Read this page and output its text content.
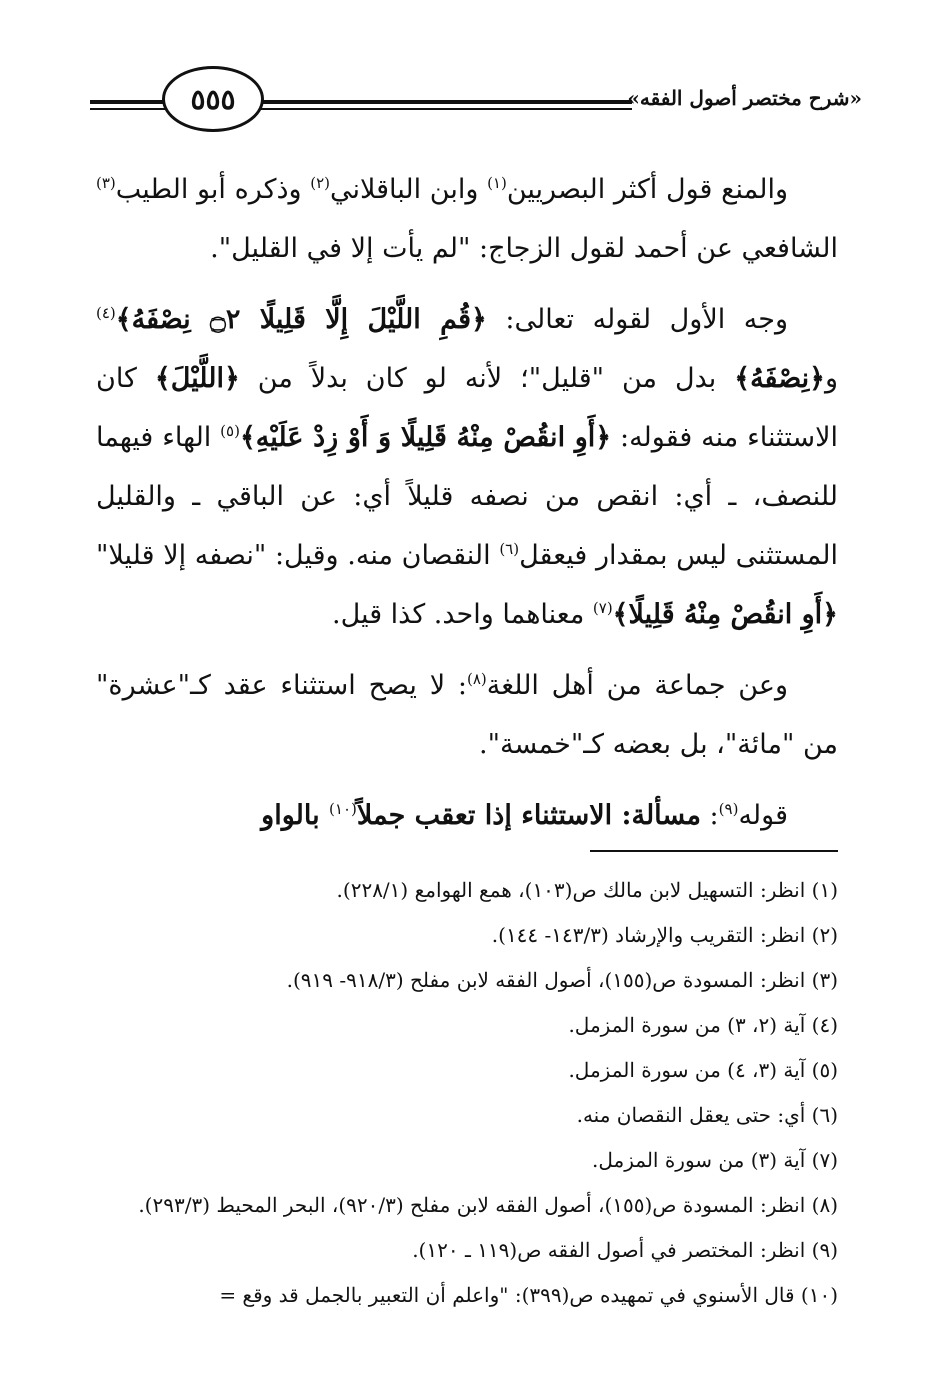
«شرح مختصر أصول الفقه»
٥٥٥

والمنع قول أكثر البصريين$^{(١)}$ وابن الباقلاني$^{(٢)}$ وذكره أبو الطيب$^{(٣)}$ الشافعي عن أحمد لقول الزجاج: "لم يأت إلا في القليل".

وجه الأول لقوله تعالى: ﴿قُمِ اللَّيْلَ إِلَّا قَلِيلًا ۝٢ نِصْفَهُ﴾$^{(٤)}$ و﴿نِصْفَهُ﴾ بدل من "قليل"؛ لأنه لو كان بدلاً من ﴿اللَّيْلَ﴾ كان الاستثناء منه فقوله: ﴿أَوِ انقُصْ مِنْهُ قَلِيلًا وَ أَوْ زِدْ عَلَيْهِ﴾$^{(٥)}$ الهاء فيهما للنصف، ـ أي: انقص من نصفه قليلاً أي: عن الباقي ـ والقليل المستثنى ليس بمقدار فيعقل$^{(٦)}$ النقصان منه. وقيل: "نصفه إلا قليلا" ﴿أَوِ انقُصْ مِنْهُ قَلِيلًا﴾$^{(٧)}$ معناهما واحد. كذا قيل.

وعن جماعة من أهل اللغة$^{(٨)}$: لا يصح استثناء عقد كـ"عشرة" من "مائة"، بل بعضه كـ"خمسة".

قوله$^{(٩)}$: مسألة: الاستثناء إذا تعقب جملاً$^{(١٠)}$ بالواو

(١) انظر: التسهيل لابن مالك ص(١٠٣)، همع الهوامع (٢٢٨/١).

(٢) انظر: التقريب والإرشاد (١٤٣/٣- ١٤٤).

(٣) انظر: المسودة ص(١٥٥)، أصول الفقه لابن مفلح (٩١٨/٣- ٩١٩).

(٤) آية (٢، ٣) من سورة المزمل.

(٥) آية (٣، ٤) من سورة المزمل.

(٦) أي: حتى يعقل النقصان منه.

(٧) آية (٣) من سورة المزمل.

(٨) انظر: المسودة ص(١٥٥)، أصول الفقه لابن مفلح (٩٢٠/٣)، البحر المحيط (٢٩٣/٣).

(٩) انظر: المختصر في أصول الفقه ص(١١٩ ـ ١٢٠).

(١٠) قال الأسنوي في تمهيده ص(٣٩٩): "واعلم أن التعبير بالجمل قد وقع =
